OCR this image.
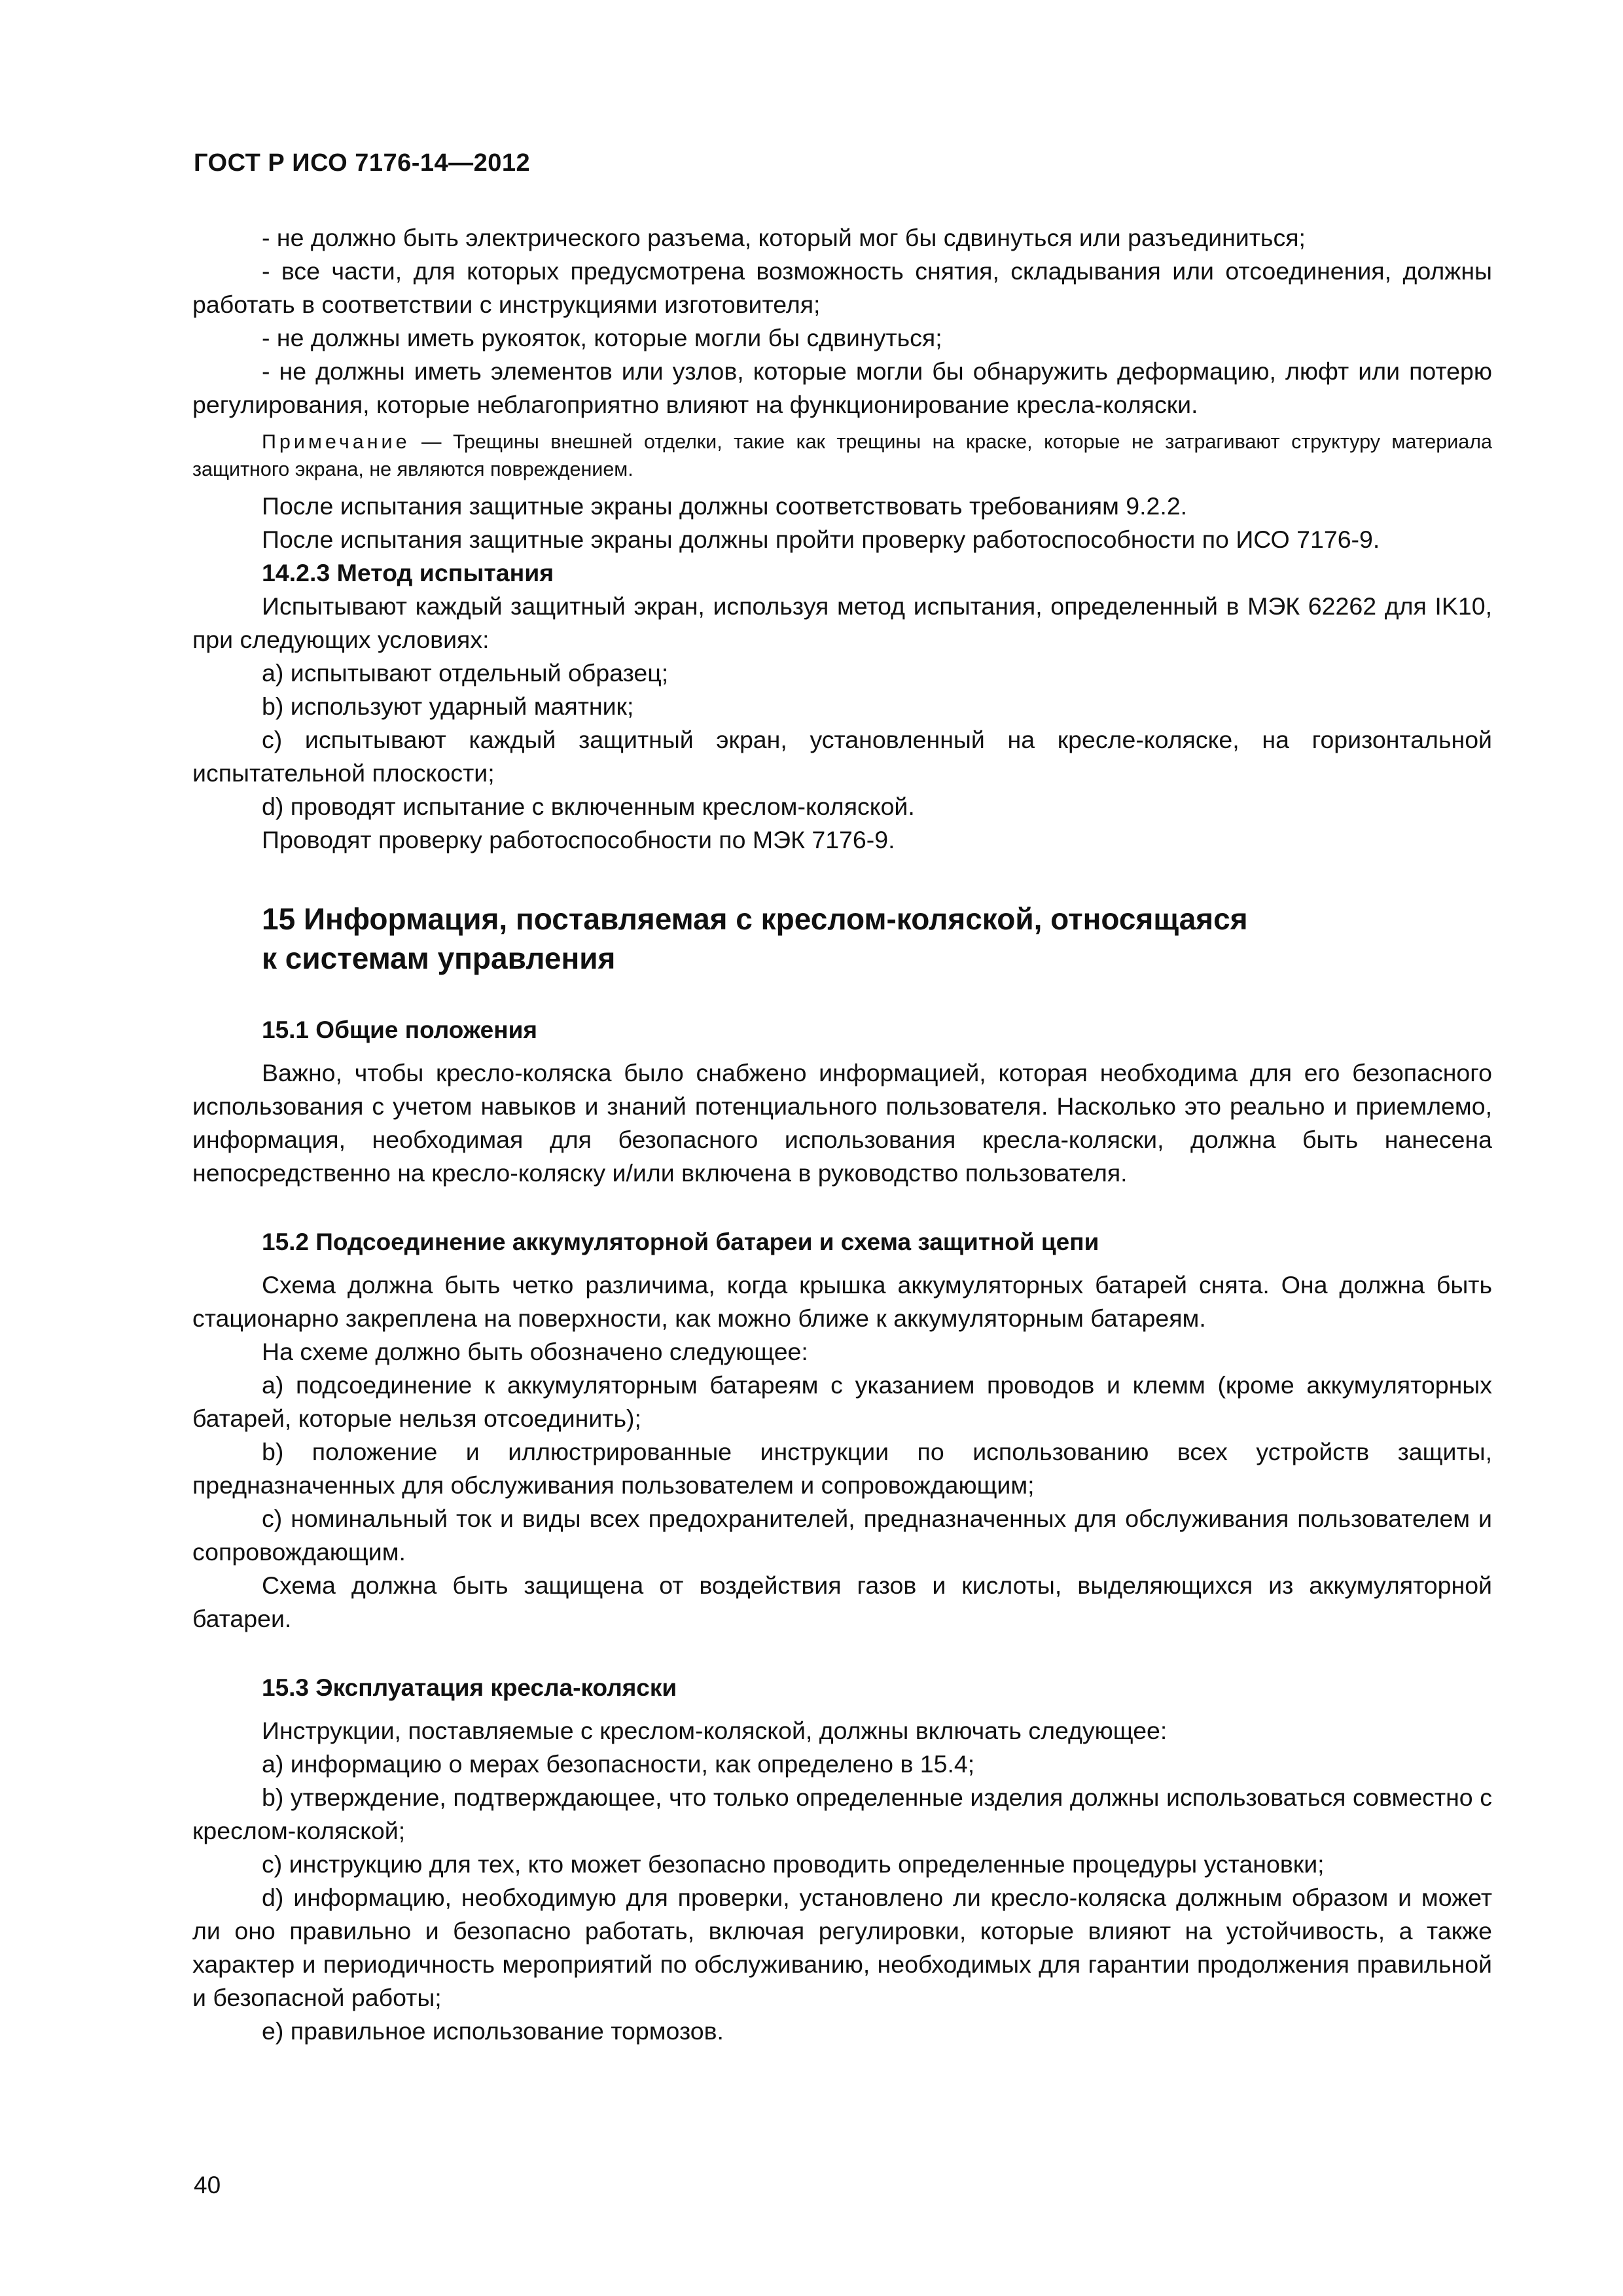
ГОСТ Р ИСО 7176-14—2012

- не должно быть электрического разъема, который мог бы сдвинуться или разъединиться;

- все части, для которых предусмотрена возможность снятия, складывания или отсоединения, должны работать в соответствии с инструкциями изготовителя;

- не должны иметь рукояток, которые могли бы сдвинуться;

- не должны иметь элементов или узлов, которые могли бы обнаружить деформацию, люфт или потерю регулирования, которые неблагоприятно влияют на функционирование кресла-коляски.

Примечание — Трещины внешней отделки, такие как трещины на краске, которые не затрагивают структуру материала защитного экрана, не являются повреждением.

После испытания защитные экраны должны соответствовать требованиям 9.2.2.

После испытания защитные экраны должны пройти проверку работоспособности по ИСО 7176-9.

14.2.3 Метод испытания

Испытывают каждый защитный экран, используя метод испытания, определенный в МЭК 62262 для IK10, при следующих условиях:

a) испытывают отдельный образец;

b) используют ударный маятник;

c) испытывают каждый защитный экран, установленный на кресле-коляске, на горизонтальной испытательной плоскости;

d) проводят испытание с включенным креслом-коляской.

Проводят проверку работоспособности по МЭК 7176-9.

15 Информация, поставляемая с креслом-коляской, относящаяся
к системам управления
15.1 Общие положения

Важно, чтобы кресло-коляска было снабжено информацией, которая необходима для его безопасного использования с учетом навыков и знаний потенциального пользователя. Насколько это реально и приемлемо, информация, необходимая для безопасного использования кресла-коляски, должна быть нанесена непосредственно на кресло-коляску и/или включена в руководство пользователя.

15.2 Подсоединение аккумуляторной батареи и схема защитной цепи

Схема должна быть четко различима, когда крышка аккумуляторных батарей снята. Она должна быть стационарно закреплена на поверхности, как можно ближе к аккумуляторным батареям.

На схеме должно быть обозначено следующее:

a) подсоединение к аккумуляторным батареям с указанием проводов и клемм (кроме аккумуляторных батарей, которые нельзя отсоединить);

b) положение и иллюстрированные инструкции по использованию всех устройств защиты, предназначенных для обслуживания пользователем и сопровождающим;

c) номинальный ток и виды всех предохранителей, предназначенных для обслуживания пользователем и сопровождающим.

Схема должна быть защищена от воздействия газов и кислоты, выделяющихся из аккумуляторной батареи.

15.3 Эксплуатация кресла-коляски

Инструкции, поставляемые с креслом-коляской, должны включать следующее:

a) информацию о мерах безопасности, как определено в 15.4;

b) утверждение, подтверждающее, что только определенные изделия должны использоваться совместно с креслом-коляской;

c) инструкцию для тех, кто может безопасно проводить определенные процедуры установки;

d) информацию, необходимую для проверки, установлено ли кресло-коляска должным образом и может ли оно правильно и безопасно работать, включая регулировки, которые влияют на устойчивость, а также характер и периодичность мероприятий по обслуживанию, необходимых для гарантии продолжения правильной и безопасной работы;

e) правильное использование тормозов.

40
